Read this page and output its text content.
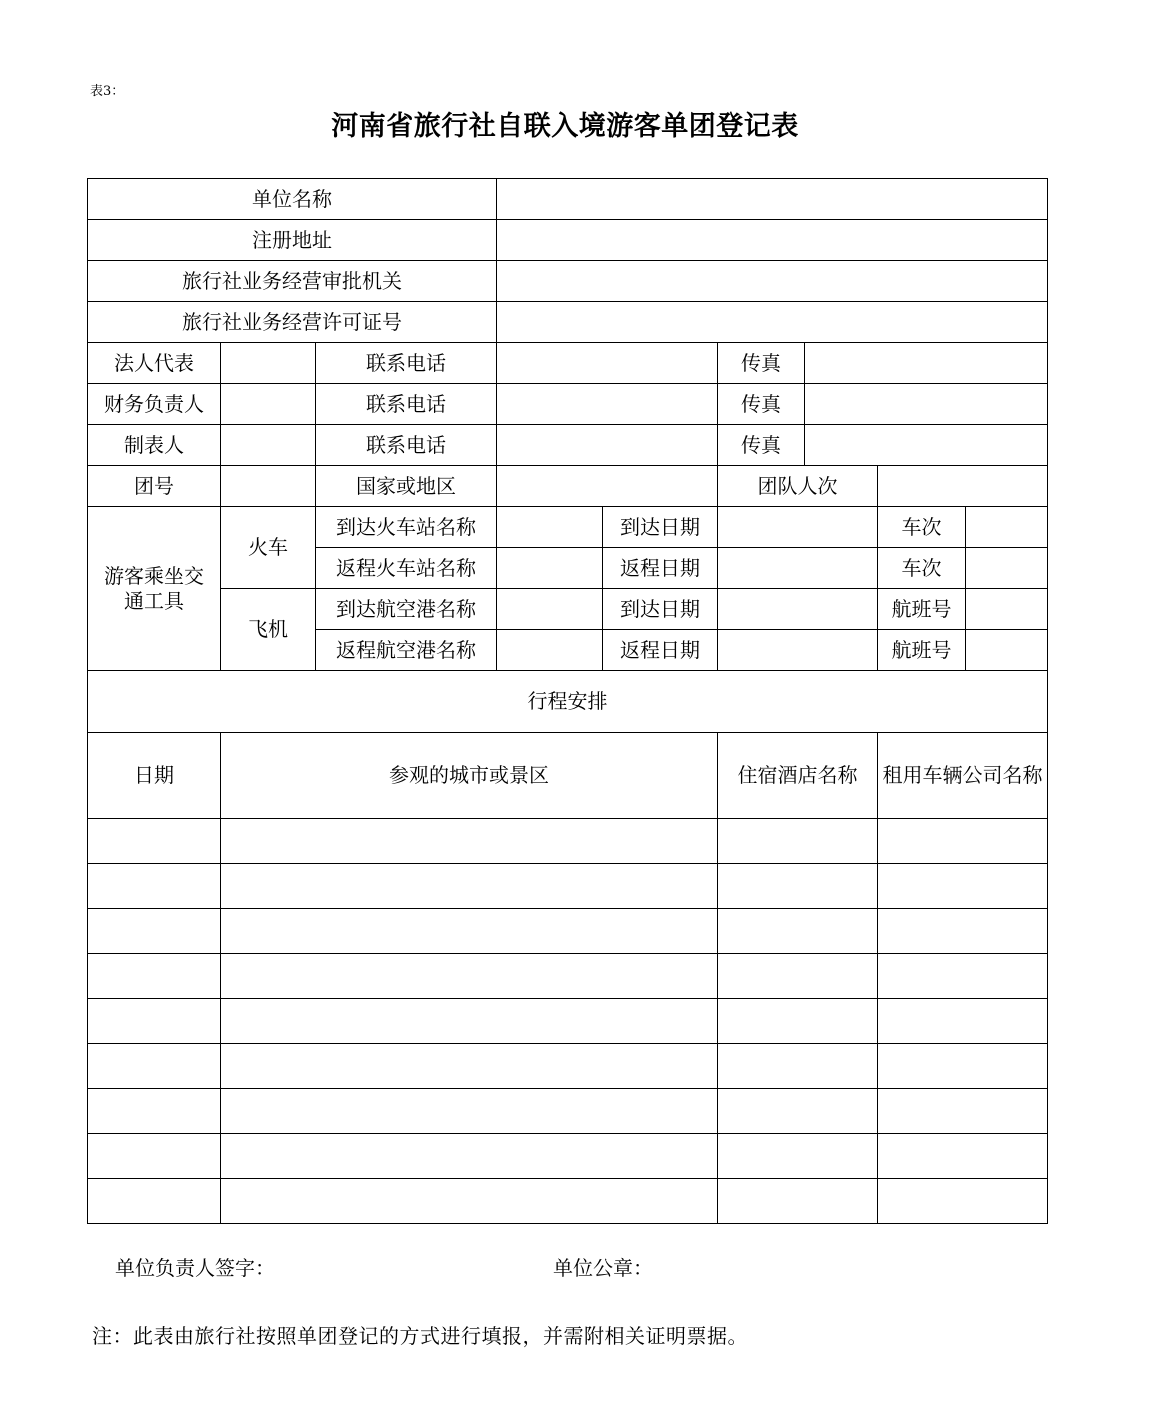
表3：
河南省旅行社自联入境游客单团登记表
单位名称								
注册地址								
旅行社业务经营审批机关								
旅行社业务经营许可证号								
法人代表		联系电话			传真			
财务负责人		联系电话			传真			
制表人		联系电话			传真			
团号		国家或地区			团队人次			
游客乘坐交通工具	火车	到达火车站名称		到达日期			车次	
		返程火车站名称		返程日期			车次	
	飞机	到达航空港名称		到达日期			航班号	
		返程航空港名称		返程日期			航班号	
行程安排								
日期	参观的城市或景区				住宿酒店名称		租用车辆公司名称	

单位负责人签字：	单位公章：
注：此表由旅行社按照单团登记的方式进行填报，并需附相关证明票据。
